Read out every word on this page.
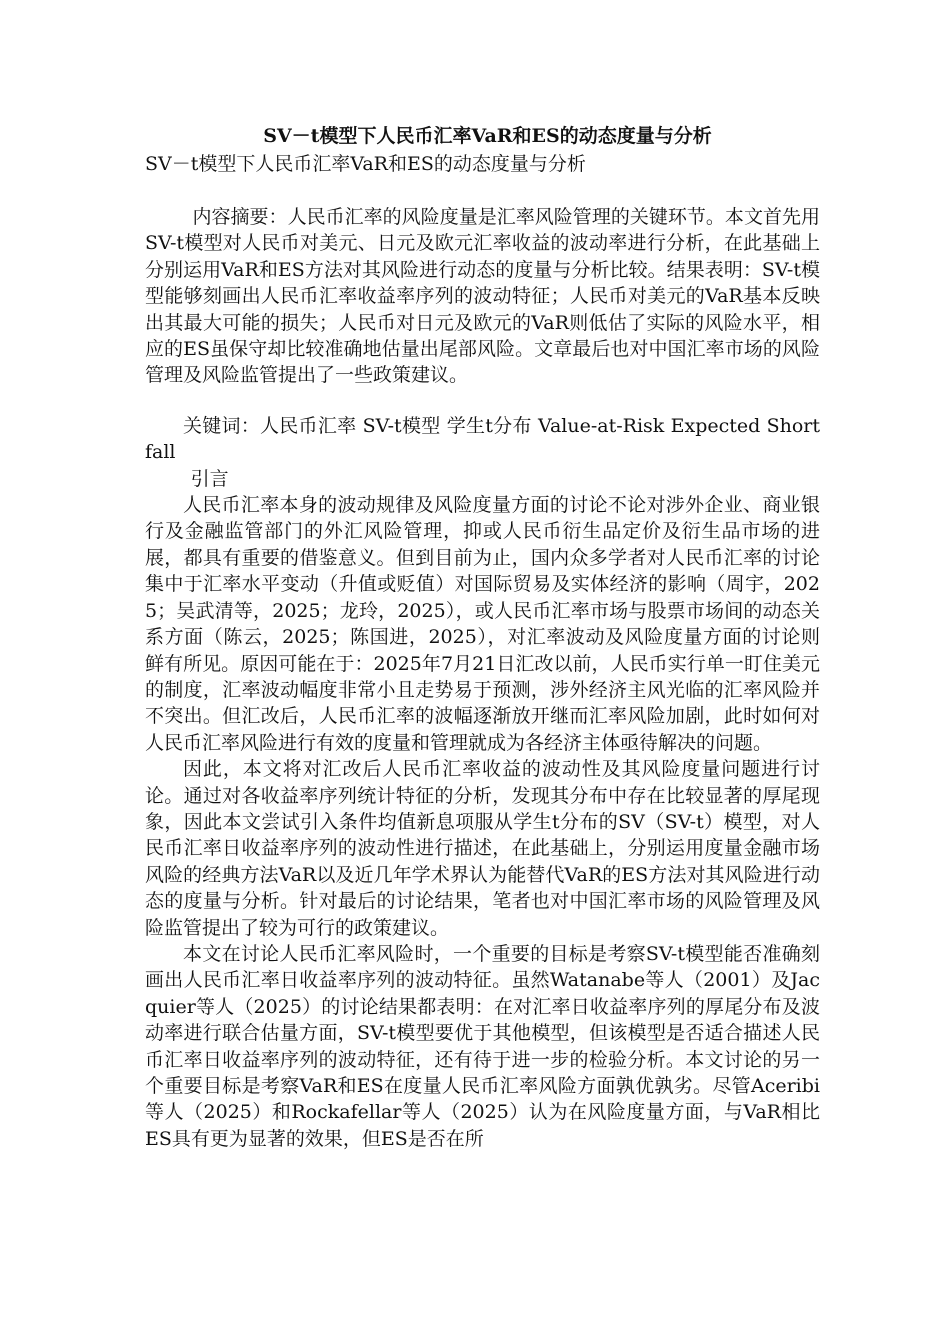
SV－t模型下人民币汇率VaR和ES的动态度量与分析

SV－t模型下人民币汇率VaR和ES的动态度量与分析

内容摘要：人民币汇率的风险度量是汇率风险管理的关键环节。本文首先用SV-t模型对人民币对美元、日元及欧元汇率收益的波动率进行分析，在此基础上分别运用VaR和ES方法对其风险进行动态的度量与分析比较。结果表明：SV-t模型能够刻画出人民币汇率收益率序列的波动特征；人民币对美元的VaR基本反映出其最大可能的损失；人民币对日元及欧元的VaR则低估了实际的风险水平，相应的ES虽保守却比较准确地估量出尾部风险。文章最后也对中国汇率市场的风险管理及风险监管提出了一些政策建议。

关键词：人民币汇率 SV-t模型 学生t分布 Value-at-Risk Expected Shortfall

引言

人民币汇率本身的波动规律及风险度量方面的讨论不论对涉外企业、商业银行及金融监管部门的外汇风险管理，抑或人民币衍生品定价及衍生品市场的进展，都具有重要的借鉴意义。但到目前为止，国内众多学者对人民币汇率的讨论集中于汇率水平变动（升值或贬值）对国际贸易及实体经济的影响（周宇，2025；吴武清等，2025；龙玲，2025），或人民币汇率市场与股票市场间的动态关系方面（陈云，2025；陈国进，2025），对汇率波动及风险度量方面的讨论则鲜有所见。原因可能在于：2025年7月21日汇改以前，人民币实行单一盯住美元的制度，汇率波动幅度非常小且走势易于预测，涉外经济主风光临的汇率风险并不突出。但汇改后，人民币汇率的波幅逐渐放开继而汇率风险加剧，此时如何对人民币汇率风险进行有效的度量和管理就成为各经济主体亟待解决的问题。

因此，本文将对汇改后人民币汇率收益的波动性及其风险度量问题进行讨论。通过对各收益率序列统计特征的分析，发现其分布中存在比较显著的厚尾现象，因此本文尝试引入条件均值新息项服从学生t分布的SV（SV-t）模型，对人民币汇率日收益率序列的波动性进行描述，在此基础上，分别运用度量金融市场风险的经典方法VaR以及近几年学术界认为能替代VaR的ES方法对其风险进行动态的度量与分析。针对最后的讨论结果，笔者也对中国汇率市场的风险管理及风险监管提出了较为可行的政策建议。

本文在讨论人民币汇率风险时，一个重要的目标是考察SV-t模型能否准确刻画出人民币汇率日收益率序列的波动特征。虽然Watanabe等人（2001）及Jacquier等人（2025）的讨论结果都表明：在对汇率日收益率序列的厚尾分布及波动率进行联合估量方面，SV-t模型要优于其他模型，但该模型是否适合描述人民币汇率日收益率序列的波动特征，还有待于进一步的检验分析。本文讨论的另一个重要目标是考察VaR和ES在度量人民币汇率风险方面孰优孰劣。尽管Aceribi等人（2025）和Rockafellar等人（2025）认为在风险度量方面，与VaR相比ES具有更为显著的效果，但ES是否在所
